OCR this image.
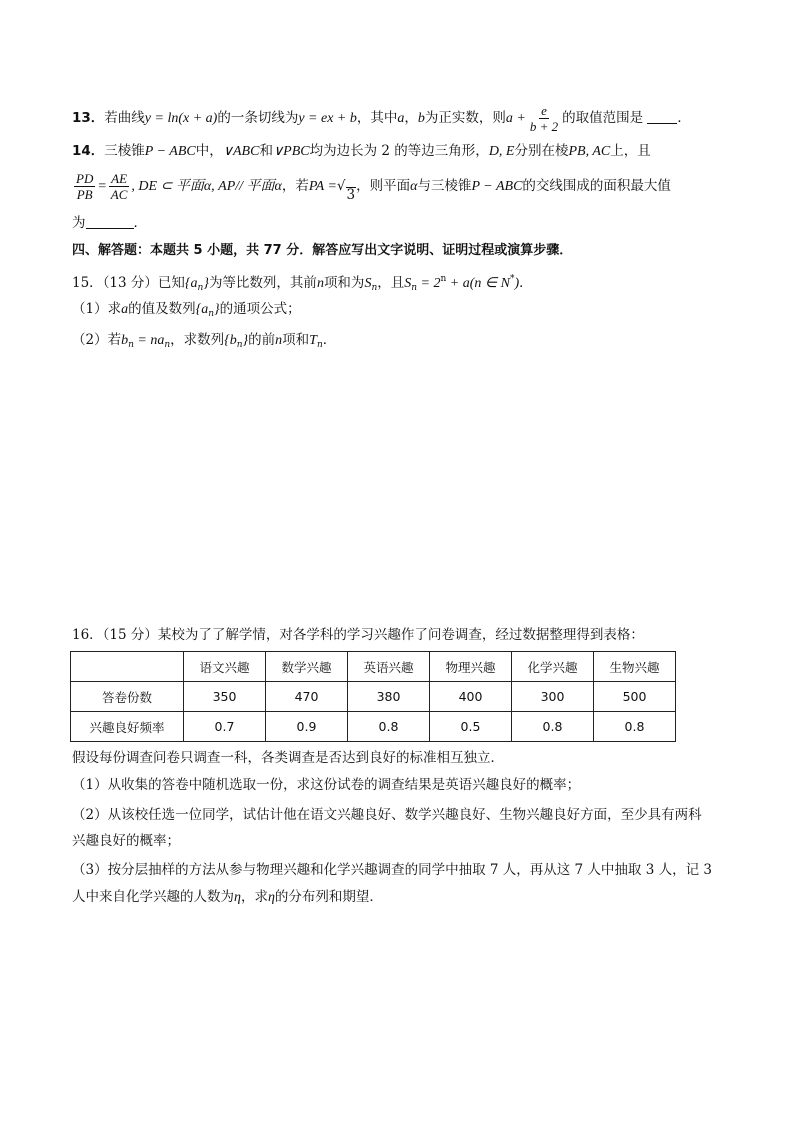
13．若曲线y = ln(x + a)的一条切线为y = ex + b，其中a，b为正实数，则$a + \frac{e}{b + 2}$ 的取值范围是	．
14．三棱锥P − ABC中，∨ABC和∨PBC均为边长为 2 的等边三角形，D, E分别在棱PB, AC上，且
$\frac{PD}{PB} = \frac{AE}{AC}$ , DE ⊂ 平面α, AP// 平面α，若PA = √
3
，则平面α与三棱锥P − ABC的交线围成的面积最大值
为	．
四、解答题：本题共 5 小题，共 77 分．解答应写出文字说明、证明过程或演算步骤．
15．（13 分）已知$\{a_n\}$为等比数列，其前n项和为$S_n$，且$S_n = 2^n + a(n$ ∈ N*)．
（1）求a的值及数列$\{a_n\}$的通项公式；
（2）若$b_n = na_n$，求数列$\{b_n\}$的前n项和$T_n$．
16．（15 分）某校为了了解学情，对各学科的学习兴趣作了问卷调查，经过数据整理得到表格：
	语文兴趣	数学兴趣	英语兴趣	物理兴趣	化学兴趣	生物兴趣
答卷份数	350	470	380	400	300	500
兴趣良好频率	0.7	0.9	0.8	0.5	0.8	0.8
假设每份调查问卷只调查一科，各类调查是否达到良好的标准相互独立．
（1）从收集的答卷中随机选取一份，求这份试卷的调查结果是英语兴趣良好的概率；
（2）从该校任选一位同学，试估计他在语文兴趣良好、数学兴趣良好、生物兴趣良好方面，至少具有两科
兴趣良好的概率；
（3）按分层抽样的方法从参与物理兴趣和化学兴趣调查的同学中抽取 7 人，再从这 7 人中抽取 3 人，记 3
人中来自化学兴趣的人数为η，求η的分布列和期望．
